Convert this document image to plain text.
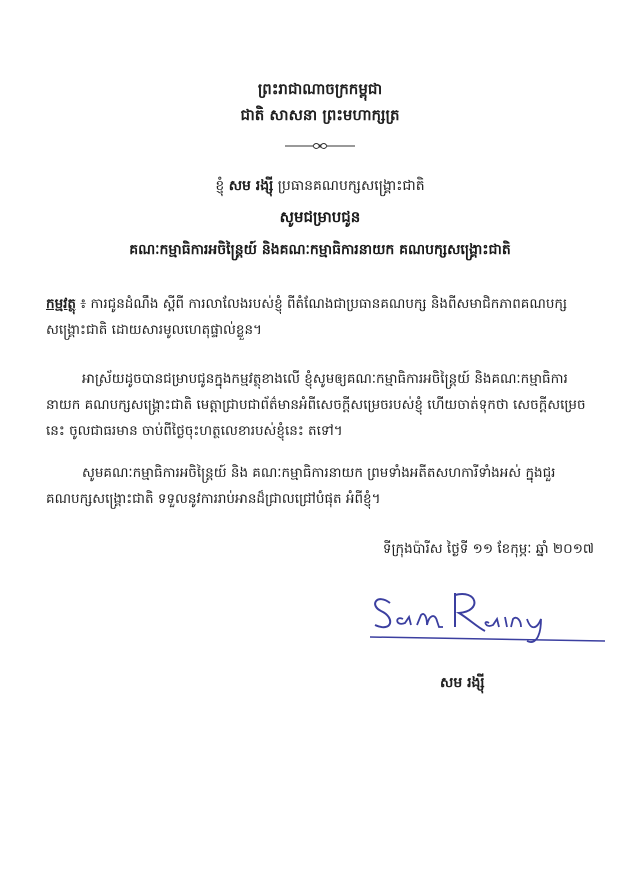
ព្រះរាជាណាចក្រកម្ពុជា
ជាតិ សាសនា ព្រះមហាក្សត្រ
ខ្ញុំ សម រង្ស៊ី ប្រធានគណបក្សសង្គ្រោះជាតិ
សូមជម្រាបជូន
គណៈកម្មាធិការអចិន្ត្រៃយ៍ និងគណៈកម្មាធិការនាយក គណបក្សសង្គ្រោះជាតិ
កម្មវត្ថុ ៖ ការជូនដំណឹង ស្តីពី ការលាលែងរបស់ខ្ញុំ ពីតំណែងជាប្រធានគណបក្ស និងពីសមាជិកភាពគណបក្សសង្គ្រោះជាតិ ដោយសារមូលហេតុផ្ទាល់ខ្លួន។
អាស្រ័យដូចបានជម្រាបជូនក្នុងកម្មវត្ថុខាងលើ ខ្ញុំសូមឲ្យគណៈកម្មាធិការអចិន្ត្រៃយ៍ និងគណៈកម្មាធិការនាយក គណបក្សសង្គ្រោះជាតិ មេត្តាជ្រាបជាព័ត៌មានអំពីសេចក្តីសម្រេចរបស់ខ្ញុំ ហើយចាត់ទុកថា សេចក្តីសម្រេចនេះ ចូលជាធរមាន ចាប់ពីថ្ងៃចុះហត្ថលេខារបស់ខ្ញុំនេះ តទៅ។
សូមគណៈកម្មាធិការអចិន្ត្រៃយ៍ និង គណៈកម្មាធិការនាយក ព្រមទាំងអតីតសហការីទាំងអស់ ក្នុងជួរគណបក្សសង្គ្រោះជាតិ ទទួលនូវការរាប់អានដ៏ជ្រាលជ្រៅបំផុត អំពីខ្ញុំ។
ទីក្រុងប៉ារីស ថ្ងៃទី ១១ ខែកុម្ភៈ ឆ្នាំ ២០១៧
សម រង្ស៊ី
